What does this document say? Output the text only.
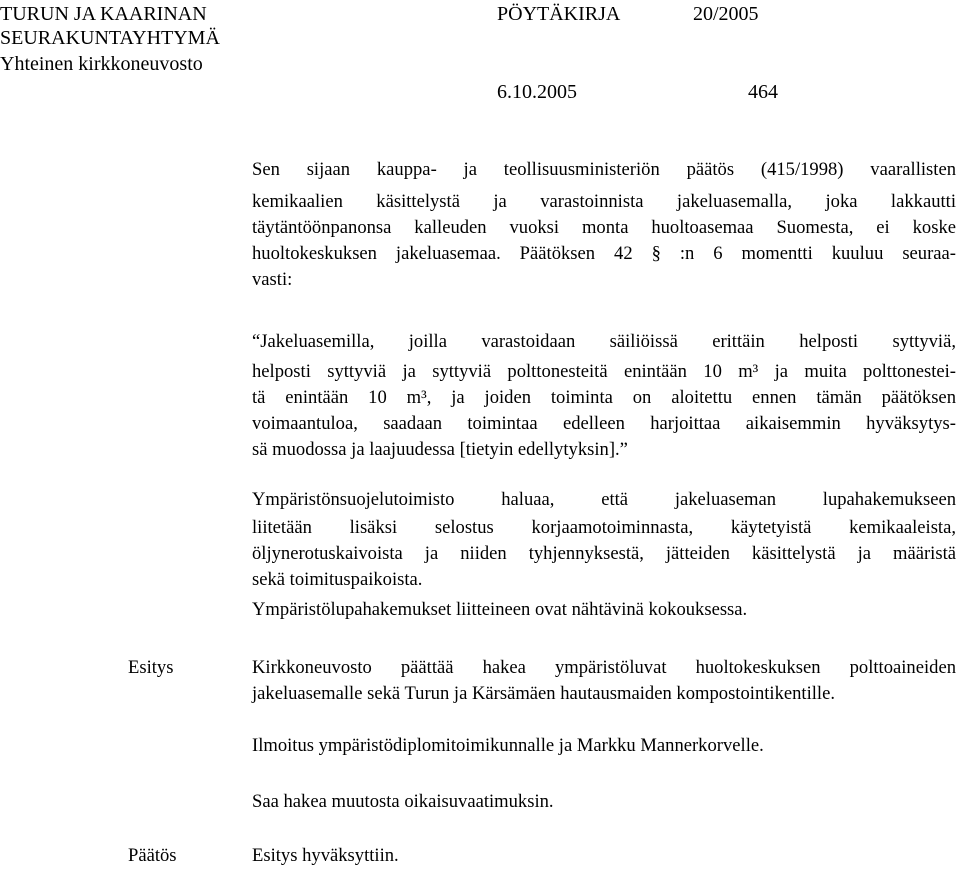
TURUN JA KAARINAN
SEURAKUNTAYHTYMÄ
Yhteinen kirkkoneuvosto
PÖYTÄKIRJA	20/2005
6.10.2005	464
Sen sijaan kauppa- ja teollisuusministeriön päätös (415/1998) vaarallisten
kemikaalien käsittelystä ja varastoinnista jakeluasemalla, joka lakkautti
täytäntöönpanonsa kalleuden vuoksi monta huoltoasemaa Suomesta, ei koske
huoltokeskuksen jakeluasemaa. Päätöksen 42 § :n 6 momentti kuuluu seuraa-
vasti:
“Jakeluasemilla, joilla varastoidaan säiliöissä erittäin helposti syttyviä,
helposti syttyviä ja syttyviä polttonesteitä enintään 10 m³ ja muita polttonestei-
tä enintään 10 m³, ja joiden toiminta on aloitettu ennen tämän päätöksen
voimaantuloa, saadaan toimintaa edelleen harjoittaa aikaisemmin hyväksytys-
sä muodossa ja laajuudessa [tietyin edellytyksin].”
Ympäristönsuojelutoimisto haluaa, että jakeluaseman lupahakemukseen
liitetään lisäksi selostus korjaamotoiminnasta, käytetyistä kemikaaleista,
öljynerotuskaivoista ja niiden tyhjennyksestä, jätteiden käsittelystä ja määristä
sekä toimituspaikoista.
Ympäristölupahakemukset liitteineen ovat nähtävinä kokouksessa.
Esitys	Kirkkoneuvosto päättää hakea ympäristöluvat huoltokeskuksen polttoaineiden
jakeluasemalle sekä Turun ja Kärsämäen hautausmaiden kompostointikentille.
Ilmoitus ympäristödiplomitoimikunnalle ja Markku Mannerkorvelle.
Saa hakea muutosta oikaisuvaatimuksin.
Päätös	Esitys hyväksyttiin.
